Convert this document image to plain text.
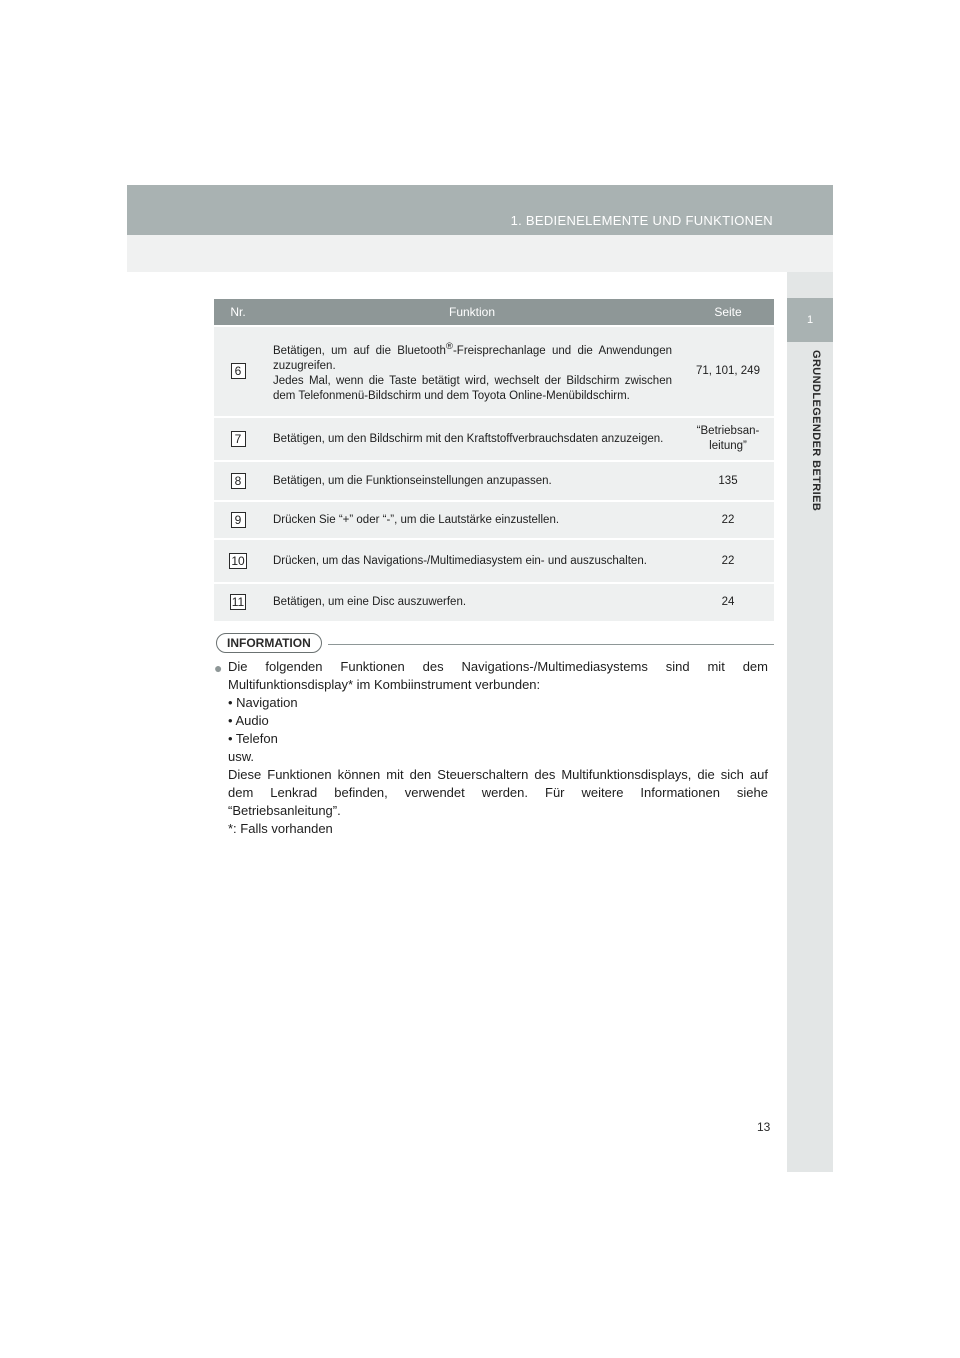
1. BEDIENELEMENTE UND FUNKTIONEN
1
GRUNDLEGENDER BETRIEB
Nr.	Funktion	Seite
6	Betätigen, um auf die Bluetooth®-Freisprechanlage und die Anwendungen zuzugreifen.
Jedes Mal, wenn die Taste betätigt wird, wechselt der Bildschirm zwischen dem Telefonmenü-Bildschirm und dem Toyota Online-Menübildschirm.	71, 101, 249
7	Betätigen, um den Bildschirm mit den Kraftstoffverbrauchsdaten anzuzeigen.	“Betriebsan-leitung”
8	Betätigen, um die Funktionseinstellungen anzupassen.	135
9	Drücken Sie “+” oder “-”, um die Lautstärke einzustellen.	22
10	Drücken, um das Navigations-/Multimediasystem ein- und auszuschalten.	22
11	Betätigen, um eine Disc auszuwerfen.	24
INFORMATION
● Die folgenden Funktionen des Navigations-/Multimediasystems sind mit dem Multifunktionsdisplay* im Kombiinstrument verbunden:

• Navigation

• Audio

• Telefon

usw.

Diese Funktionen können mit den Steuerschaltern des Multifunktionsdisplays, die sich auf dem Lenkrad befinden, verwendet werden. Für weitere Informationen siehe “Betriebsanleitung”.

*: Falls vorhanden

13
